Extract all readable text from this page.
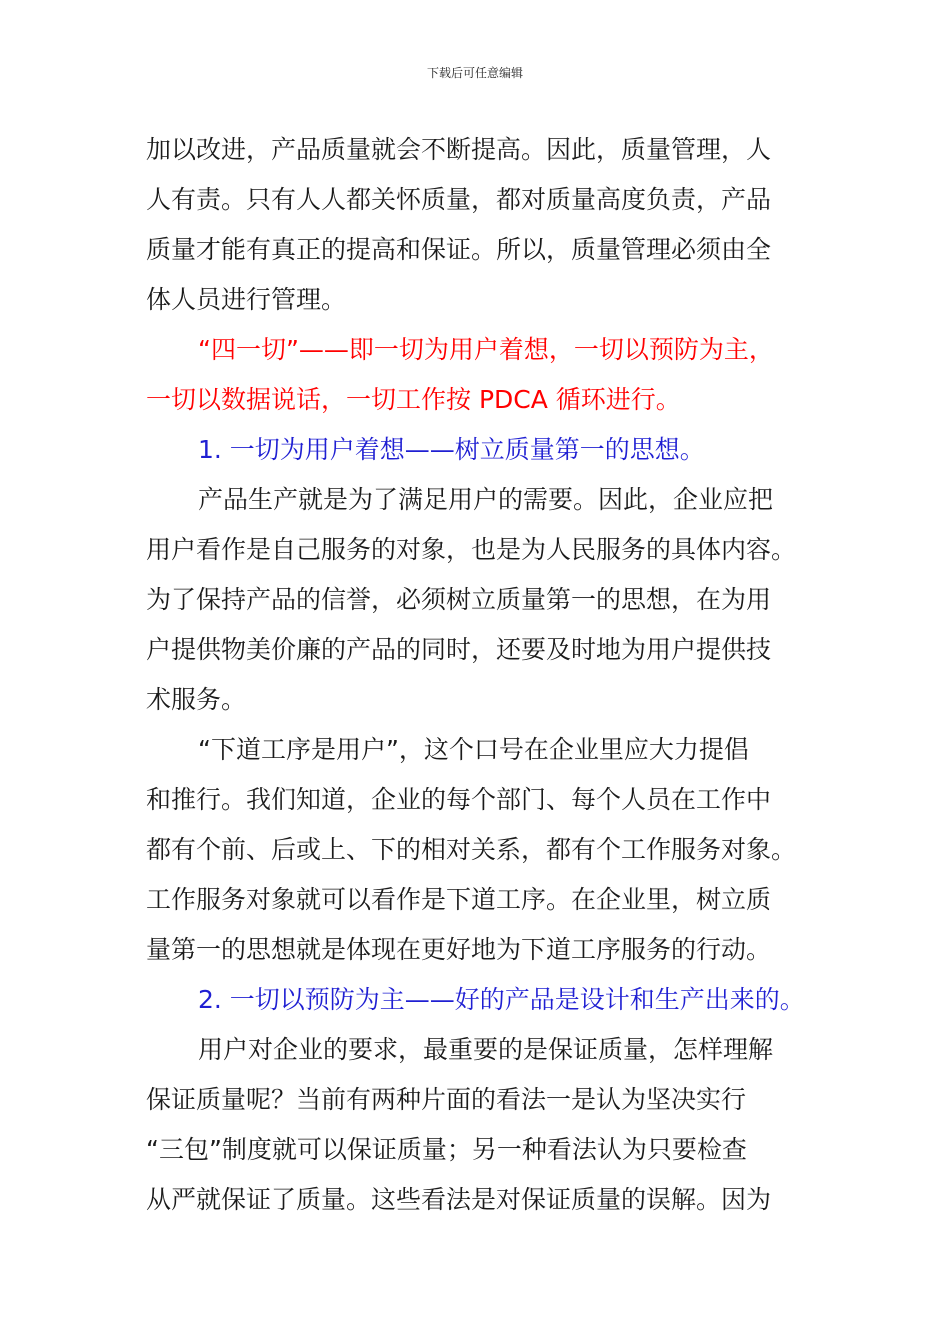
下载后可任意编辑
加以改进，产品质量就会不断提高。因此，质量管理，人
人有责。只有人人都关怀质量，都对质量高度负责，产品
质量才能有真正的提高和保证。所以，质量管理必须由全
体人员进行管理。
“四一切”——即一切为用户着想，一切以预防为主，
一切以数据说话，一切工作按 PDCA 循环进行。
1. 一切为用户着想——树立质量第一的思想。
产品生产就是为了满足用户的需要。因此，企业应把
用户看作是自己服务的对象，也是为人民服务的具体内容。
为了保持产品的信誉，必须树立质量第一的思想，在为用
户提供物美价廉的产品的同时，还要及时地为用户提供技
术服务。
“下道工序是用户”，这个口号在企业里应大力提倡
和推行。我们知道，企业的每个部门、每个人员在工作中
都有个前、后或上、下的相对关系，都有个工作服务对象。
工作服务对象就可以看作是下道工序。在企业里，树立质
量第一的思想就是体现在更好地为下道工序服务的行动。
2. 一切以预防为主——好的产品是设计和生产出来的。
用户对企业的要求，最重要的是保证质量，怎样理解
保证质量呢？当前有两种片面的看法一是认为坚决实行
“三包”制度就可以保证质量；另一种看法认为只要检查
从严就保证了质量。这些看法是对保证质量的误解。因为
